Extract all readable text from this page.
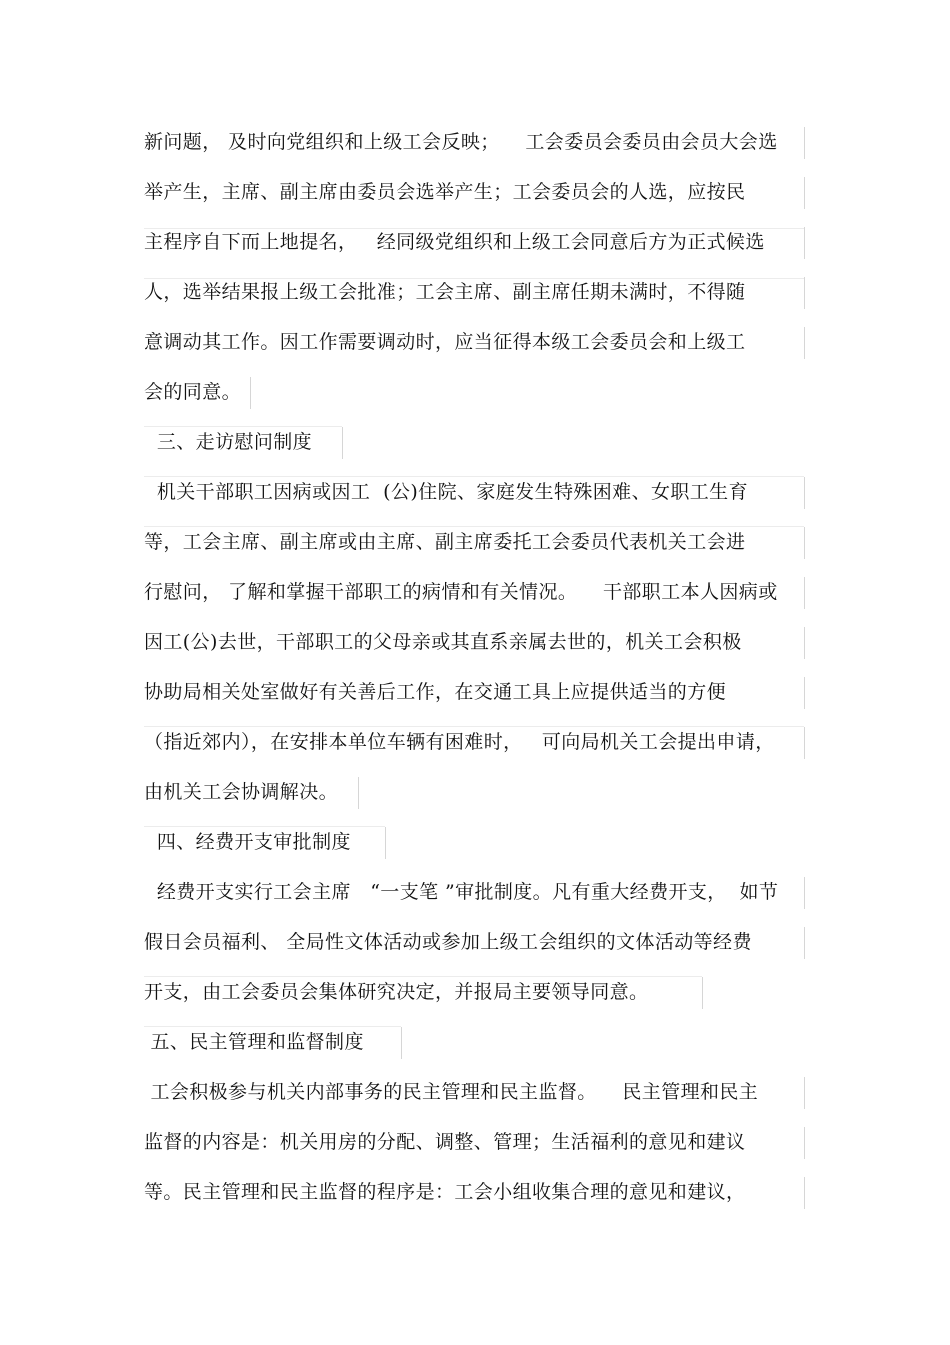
新问题， 及时向党组织和上级工会反映；    工会委员会委员由会员大会选
举产生，主席、副主席由委员会选举产生；工会委员会的人选，应按民
主程序自下而上地提名，   经同级党组织和上级工会同意后方为正式候选
人，选举结果报上级工会批准；工会主席、副主席任期未满时，不得随
意调动其工作。因工作需要调动时，应当征得本级工会委员会和上级工
会的同意。
三、走访慰问制度
机关干部职工因病或因工  (公)住院、家庭发生特殊困难、女职工生育
等，工会主席、副主席或由主席、副主席委托工会委员代表机关工会进
行慰问， 了解和掌握干部职工的病情和有关情况。    干部职工本人因病或
因工(公)去世，干部职工的父母亲或其直系亲属去世的，机关工会积极
协助局相关处室做好有关善后工作，在交通工具上应提供适当的方便
（指近郊内），在安排本单位车辆有困难时，   可向局机关工会提出申请，
由机关工会协调解决。
四、经费开支审批制度
经费开支实行工会主席   “一支笔 ”审批制度。凡有重大经费开支，  如节
假日会员福利、 全局性文体活动或参加上级工会组织的文体活动等经费
开支，由工会委员会集体研究决定，并报局主要领导同意。
五、民主管理和监督制度
工会积极参与机关内部事务的民主管理和民主监督。    民主管理和民主
监督的内容是：机关用房的分配、调整、管理；生活福利的意见和建议
等。民主管理和民主监督的程序是：工会小组收集合理的意见和建议，
